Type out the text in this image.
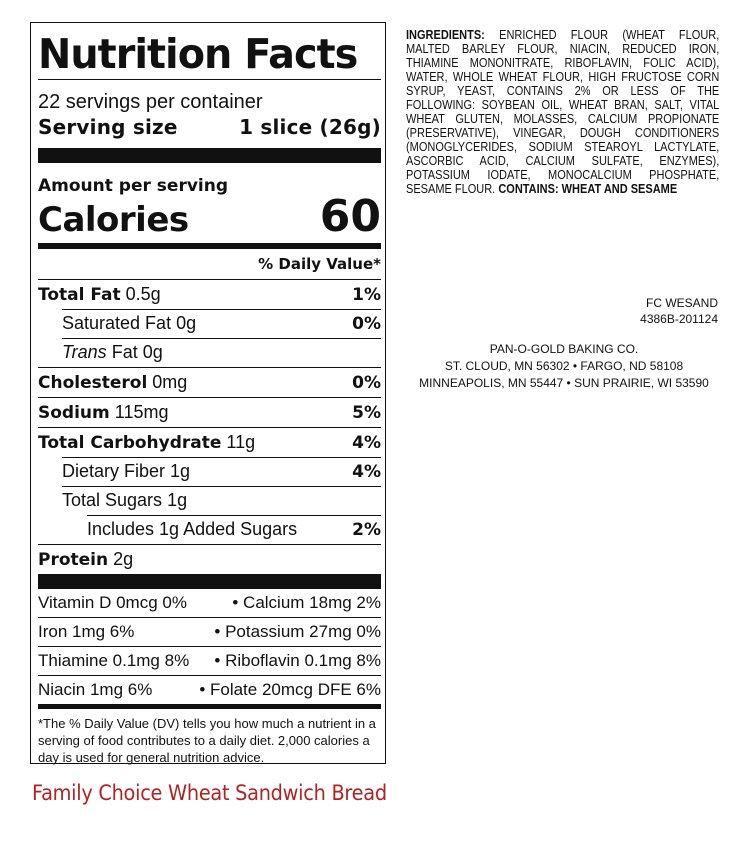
Nutrition Facts
22 servings per container
Serving size	1 slice (26g)
Amount per serving
Calories	60
% Daily Value*
Total Fat 0.5g	1%
Saturated Fat 0g	0%
Trans Fat 0g
Cholesterol 0mg	0%
Sodium 115mg	5%
Total Carbohydrate 11g	4%
Dietary Fiber 1g	4%
Total Sugars 1g
Includes 1g Added Sugars	2%
Protein 2g
Vitamin D 0mcg 0%	• Calcium 18mg 2%
Iron 1mg 6%	• Potassium 27mg 0%
Thiamine 0.1mg 8% • Riboflavin 0.1mg 8%
Niacin 1mg 6%	• Folate 20mcg DFE 6%
*The % Daily Value (DV) tells you how much a nutrient in a serving of food contributes to a daily diet. 2,000 calories a day is used for general nutrition advice.
INGREDIENTS: ENRICHED FLOUR (WHEAT FLOUR, MALTED BARLEY FLOUR, NIACIN, REDUCED IRON, THIAMINE MONONITRATE, RIBOFLAVIN, FOLIC ACID), WATER, WHOLE WHEAT FLOUR, HIGH FRUCTOSE CORN SYRUP, YEAST, CONTAINS 2% OR LESS OF THE FOLLOWING: SOYBEAN OIL, WHEAT BRAN, SALT, VITAL WHEAT GLUTEN, MOLASSES, CALCIUM PROPIONATE (PRESERVATIVE), VINEGAR, DOUGH CONDITIONERS (MONOGLYCERIDES, SODIUM STEAROYL LACTYLATE, ASCORBIC ACID, CALCIUM SULFATE, ENZYMES), POTASSIUM IODATE, MONOCALCIUM PHOSPHATE, SESAME FLOUR. CONTAINS: WHEAT AND SESAME
FC WESAND
4386B-201124
PAN-O-GOLD BAKING CO.
ST. CLOUD, MN 56302 • FARGO, ND 58108
MINNEAPOLIS, MN 55447 • SUN PRAIRIE, WI 53590
Family Choice Wheat Sandwich Bread
